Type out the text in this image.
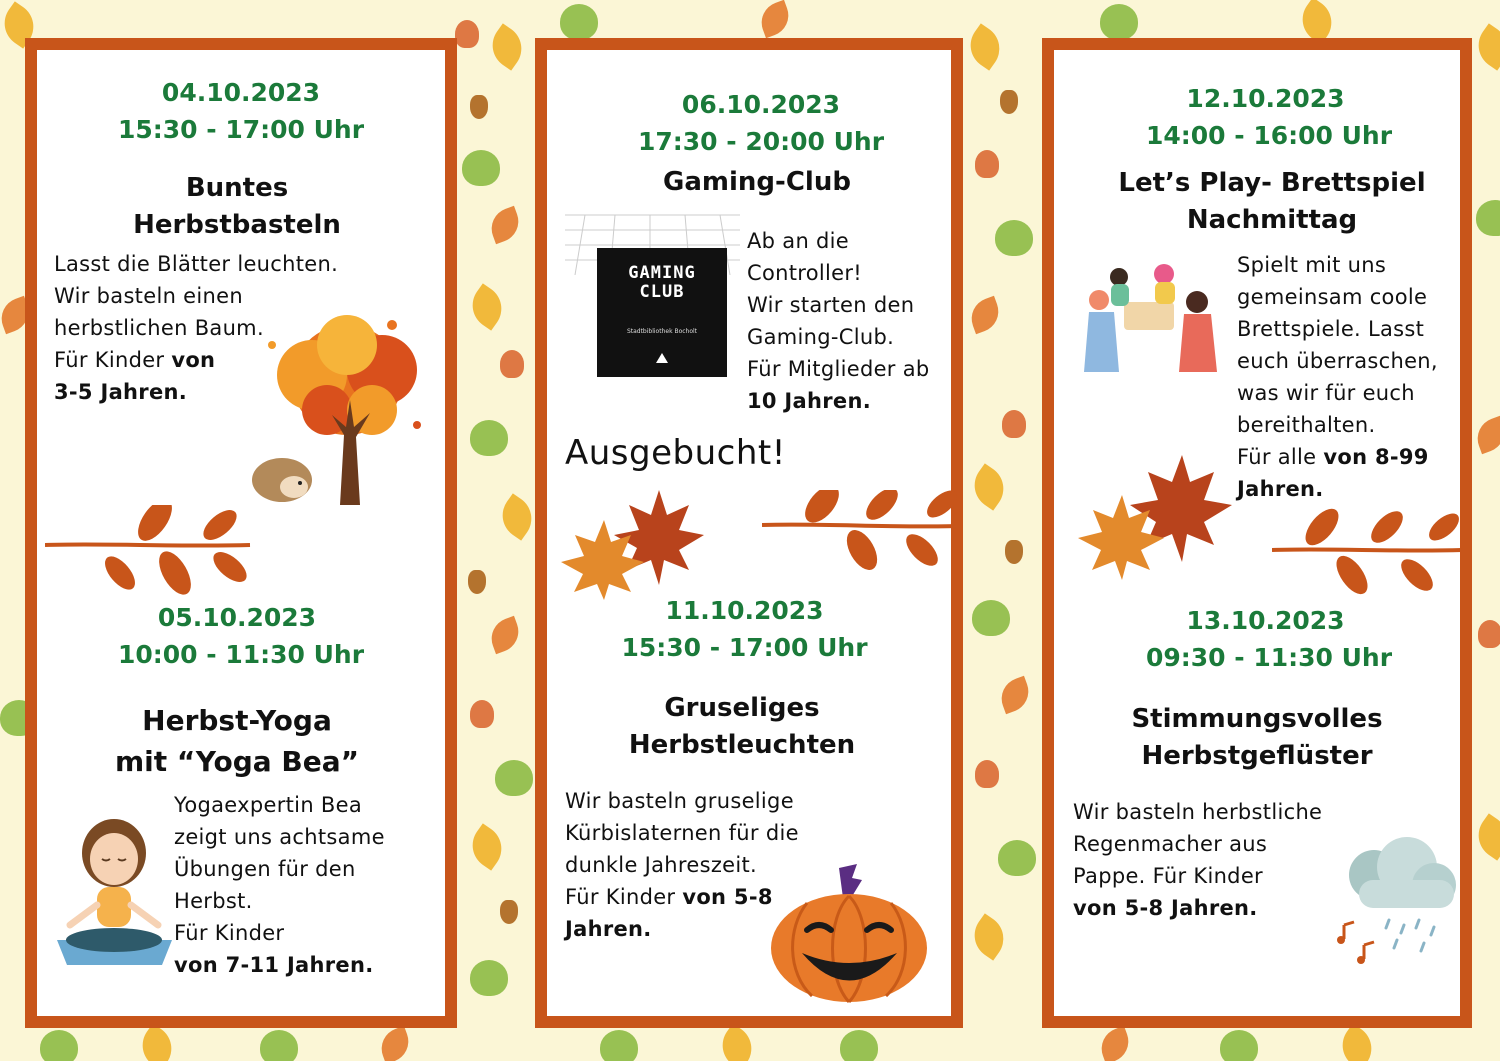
04.10.2023
15:30 - 17:00 Uhr
Buntes
Herbstbasteln
Lasst die Blätter leuchten.
Wir basteln einen
herbstlichen Baum.
Für Kinder von
3-5 Jahren.
05.10.2023
10:00 - 11:30 Uhr
Herbst-Yoga
mit “Yoga Bea”
Yogaexpertin Bea
zeigt uns achtsame
Übungen für den
Herbst.
Für Kinder
von 7-11 Jahren.
06.10.2023
17:30 - 20:00 Uhr
Gaming-Club
GAMING
CLUB
Stadtbibliothek Bocholt
Ab an die
Controller!
Wir starten den
Gaming-Club.
Für Mitglieder ab
10 Jahren.
Ausgebucht!
11.10.2023
15:30 - 17:00 Uhr
Gruseliges
Herbstleuchten
Wir basteln gruselige
Kürbislaternen für die
dunkle Jahreszeit.
Für Kinder von 5-8
Jahren.
12.10.2023
14:00 - 16:00 Uhr
Let’s Play- Brettspiel
Nachmittag
Spielt mit uns
gemeinsam coole
Brettspiele. Lasst
euch überraschen,
was wir für euch
bereithalten.
Für alle von 8-99
Jahren.
13.10.2023
09:30 - 11:30 Uhr
Stimmungsvolles
Herbstgeflüster
Wir basteln herbstliche
Regenmacher aus
Pappe. Für Kinder
von 5-8 Jahren.
